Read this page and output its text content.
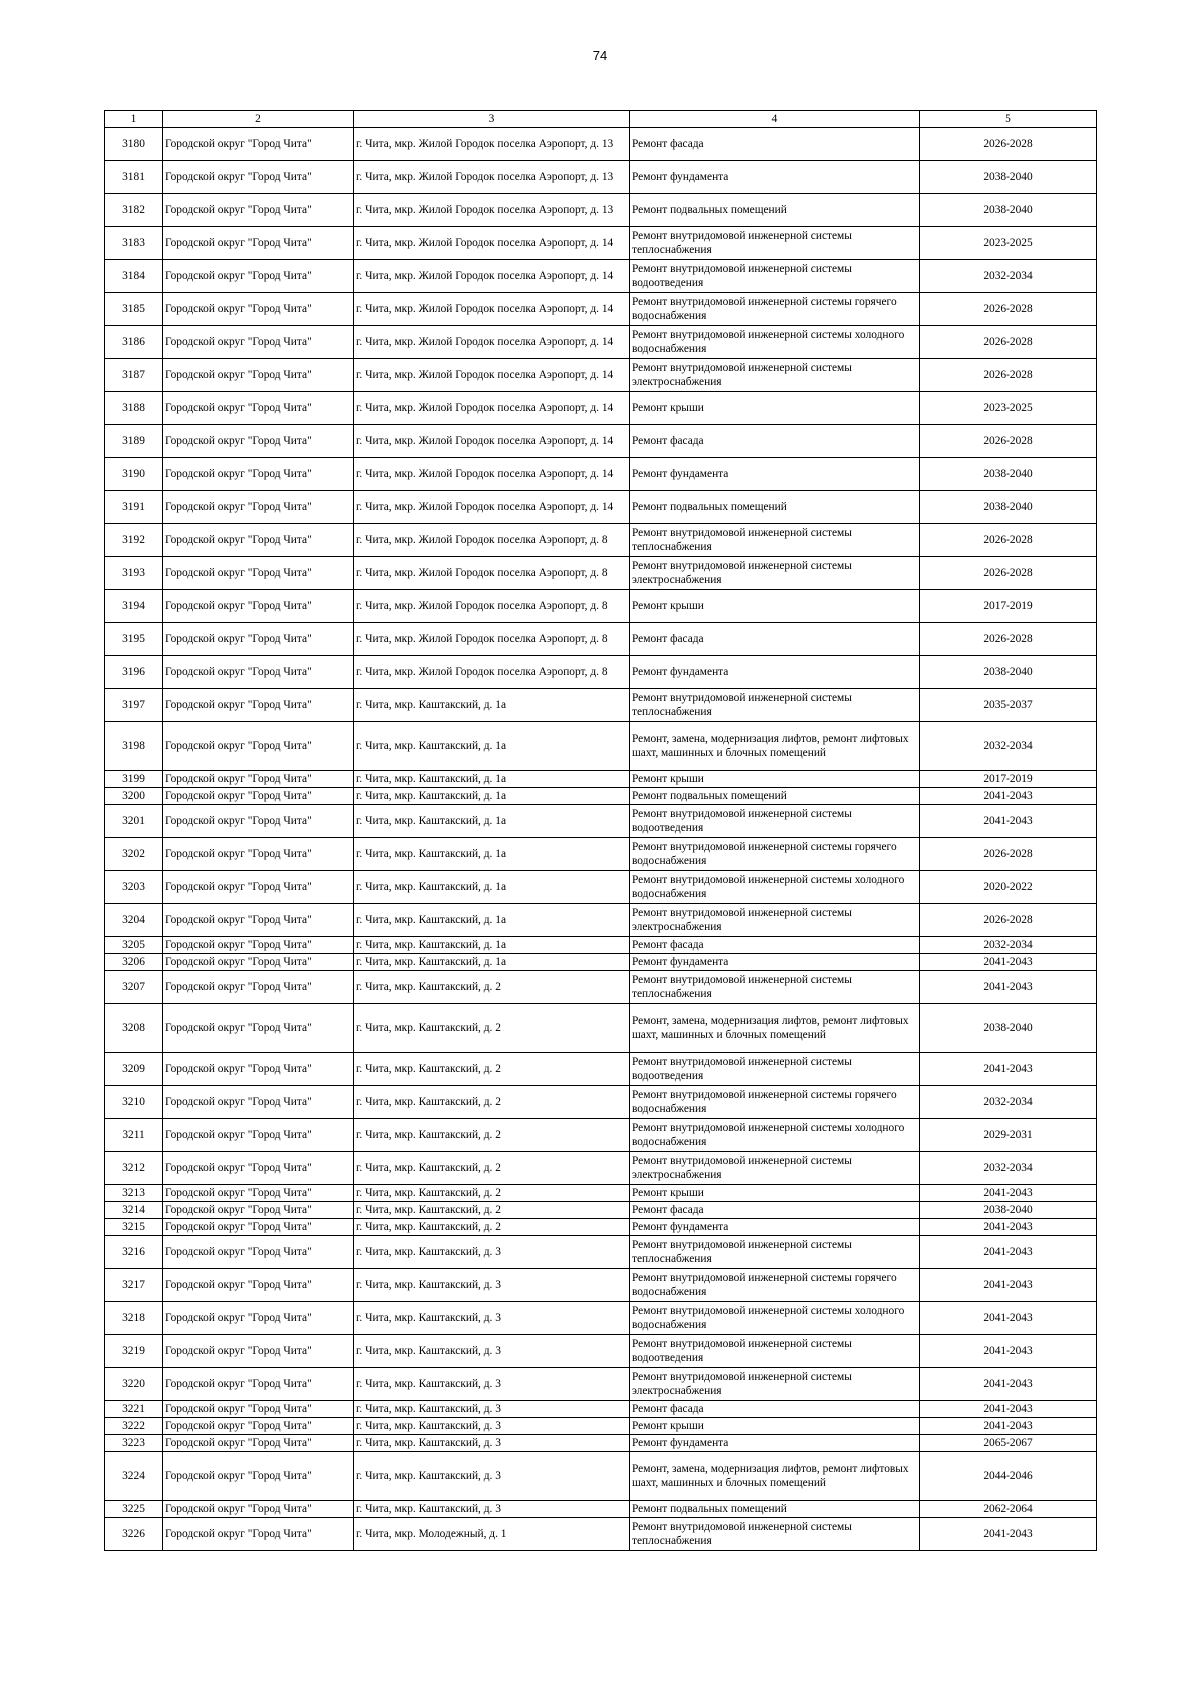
74
1	2	3	4	5
3180	Городской округ "Город Чита"	г. Чита, мкр. Жилой Городок поселка Аэропорт, д. 13	Ремонт фасада	2026-2028
3181	Городской округ "Город Чита"	г. Чита, мкр. Жилой Городок поселка Аэропорт, д. 13	Ремонт фундамента	2038-2040
3182	Городской округ "Город Чита"	г. Чита, мкр. Жилой Городок поселка Аэропорт, д. 13	Ремонт подвальных помещений	2038-2040
3183	Городской округ "Город Чита"	г. Чита, мкр. Жилой Городок поселка Аэропорт, д. 14	Ремонт внутридомовой инженерной системы теплоснабжения	2023-2025
3184	Городской округ "Город Чита"	г. Чита, мкр. Жилой Городок поселка Аэропорт, д. 14	Ремонт внутридомовой инженерной системы водоотведения	2032-2034
3185	Городской округ "Город Чита"	г. Чита, мкр. Жилой Городок поселка Аэропорт, д. 14	Ремонт внутридомовой инженерной системы горячего водоснабжения	2026-2028
3186	Городской округ "Город Чита"	г. Чита, мкр. Жилой Городок поселка Аэропорт, д. 14	Ремонт внутридомовой инженерной системы холодного водоснабжения	2026-2028
3187	Городской округ "Город Чита"	г. Чита, мкр. Жилой Городок поселка Аэропорт, д. 14	Ремонт внутридомовой инженерной системы электроснабжения	2026-2028
3188	Городской округ "Город Чита"	г. Чита, мкр. Жилой Городок поселка Аэропорт, д. 14	Ремонт крыши	2023-2025
3189	Городской округ "Город Чита"	г. Чита, мкр. Жилой Городок поселка Аэропорт, д. 14	Ремонт фасада	2026-2028
3190	Городской округ "Город Чита"	г. Чита, мкр. Жилой Городок поселка Аэропорт, д. 14	Ремонт фундамента	2038-2040
3191	Городской округ "Город Чита"	г. Чита, мкр. Жилой Городок поселка Аэропорт, д. 14	Ремонт подвальных помещений	2038-2040
3192	Городской округ "Город Чита"	г. Чита, мкр. Жилой Городок поселка Аэропорт, д. 8	Ремонт внутридомовой инженерной системы теплоснабжения	2026-2028
3193	Городской округ "Город Чита"	г. Чита, мкр. Жилой Городок поселка Аэропорт, д. 8	Ремонт внутридомовой инженерной системы электроснабжения	2026-2028
3194	Городской округ "Город Чита"	г. Чита, мкр. Жилой Городок поселка Аэропорт, д. 8	Ремонт крыши	2017-2019
3195	Городской округ "Город Чита"	г. Чита, мкр. Жилой Городок поселка Аэропорт, д. 8	Ремонт фасада	2026-2028
3196	Городской округ "Город Чита"	г. Чита, мкр. Жилой Городок поселка Аэропорт, д. 8	Ремонт фундамента	2038-2040
3197	Городской округ "Город Чита"	г. Чита, мкр. Каштакский, д. 1а	Ремонт внутридомовой инженерной системы теплоснабжения	2035-2037
3198	Городской округ "Город Чита"	г. Чита, мкр. Каштакский, д. 1а	Ремонт, замена, модернизация лифтов, ремонт лифтовых шахт, машинных и блочных помещений	2032-2034
3199	Городской округ "Город Чита"	г. Чита, мкр. Каштакский, д. 1а	Ремонт крыши	2017-2019
3200	Городской округ "Город Чита"	г. Чита, мкр. Каштакский, д. 1а	Ремонт подвальных помещений	2041-2043
3201	Городской округ "Город Чита"	г. Чита, мкр. Каштакский, д. 1а	Ремонт внутридомовой инженерной системы водоотведения	2041-2043
3202	Городской округ "Город Чита"	г. Чита, мкр. Каштакский, д. 1а	Ремонт внутридомовой инженерной системы горячего водоснабжения	2026-2028
3203	Городской округ "Город Чита"	г. Чита, мкр. Каштакский, д. 1а	Ремонт внутридомовой инженерной системы холодного водоснабжения	2020-2022
3204	Городской округ "Город Чита"	г. Чита, мкр. Каштакский, д. 1а	Ремонт внутридомовой инженерной системы электроснабжения	2026-2028
3205	Городской округ "Город Чита"	г. Чита, мкр. Каштакский, д. 1а	Ремонт фасада	2032-2034
3206	Городской округ "Город Чита"	г. Чита, мкр. Каштакский, д. 1а	Ремонт фундамента	2041-2043
3207	Городской округ "Город Чита"	г. Чита, мкр. Каштакский, д. 2	Ремонт внутридомовой инженерной системы теплоснабжения	2041-2043
3208	Городской округ "Город Чита"	г. Чита, мкр. Каштакский, д. 2	Ремонт, замена, модернизация лифтов, ремонт лифтовых шахт, машинных и блочных помещений	2038-2040
3209	Городской округ "Город Чита"	г. Чита, мкр. Каштакский, д. 2	Ремонт внутридомовой инженерной системы водоотведения	2041-2043
3210	Городской округ "Город Чита"	г. Чита, мкр. Каштакский, д. 2	Ремонт внутридомовой инженерной системы горячего водоснабжения	2032-2034
3211	Городской округ "Город Чита"	г. Чита, мкр. Каштакский, д. 2	Ремонт внутридомовой инженерной системы холодного водоснабжения	2029-2031
3212	Городской округ "Город Чита"	г. Чита, мкр. Каштакский, д. 2	Ремонт внутридомовой инженерной системы электроснабжения	2032-2034
3213	Городской округ "Город Чита"	г. Чита, мкр. Каштакский, д. 2	Ремонт крыши	2041-2043
3214	Городской округ "Город Чита"	г. Чита, мкр. Каштакский, д. 2	Ремонт фасада	2038-2040
3215	Городской округ "Город Чита"	г. Чита, мкр. Каштакский, д. 2	Ремонт фундамента	2041-2043
3216	Городской округ "Город Чита"	г. Чита, мкр. Каштакский, д. 3	Ремонт внутридомовой инженерной системы теплоснабжения	2041-2043
3217	Городской округ "Город Чита"	г. Чита, мкр. Каштакский, д. 3	Ремонт внутридомовой инженерной системы горячего водоснабжения	2041-2043
3218	Городской округ "Город Чита"	г. Чита, мкр. Каштакский, д. 3	Ремонт внутридомовой инженерной системы холодного водоснабжения	2041-2043
3219	Городской округ "Город Чита"	г. Чита, мкр. Каштакский, д. 3	Ремонт внутридомовой инженерной системы водоотведения	2041-2043
3220	Городской округ "Город Чита"	г. Чита, мкр. Каштакский, д. 3	Ремонт внутридомовой инженерной системы электроснабжения	2041-2043
3221	Городской округ "Город Чита"	г. Чита, мкр. Каштакский, д. 3	Ремонт фасада	2041-2043
3222	Городской округ "Город Чита"	г. Чита, мкр. Каштакский, д. 3	Ремонт крыши	2041-2043
3223	Городской округ "Город Чита"	г. Чита, мкр. Каштакский, д. 3	Ремонт фундамента	2065-2067
3224	Городской округ "Город Чита"	г. Чита, мкр. Каштакский, д. 3	Ремонт, замена, модернизация лифтов, ремонт лифтовых шахт, машинных и блочных помещений	2044-2046
3225	Городской округ "Город Чита"	г. Чита, мкр. Каштакский, д. 3	Ремонт подвальных помещений	2062-2064
3226	Городской округ "Город Чита"	г. Чита, мкр. Молодежный, д. 1	Ремонт внутридомовой инженерной системы теплоснабжения	2041-2043
